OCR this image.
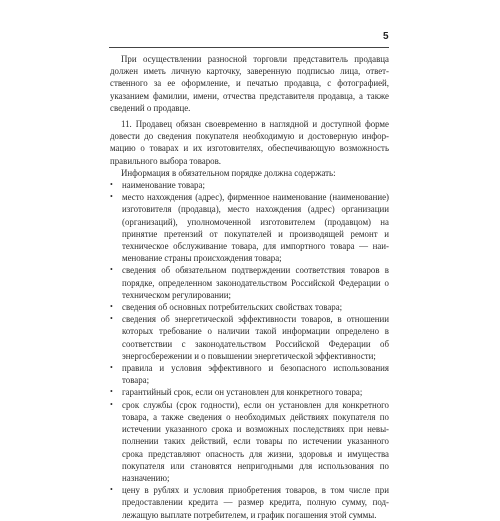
5

При осуществлении разносной торговли представитель продавца должен иметь личную карточку, заверенную подписью лица, ответственного за ее оформление, и печатью продавца, с фотографией, указанием фамилии, имени, отчества представителя продавца, а также сведений о продавце.

11. Продавец обязан своевременно в наглядной и доступной форме довести до сведения покупателя необходимую и достоверную информацию о товарах и их изготовителях, обеспечивающую возможность правильного выбора товаров.

Информация в обязательном порядке должна содержать:

•	наименование товара;
•	место нахождения (адрес), фирменное наименование (наименование) изготовителя (продавца), место нахождения (адрес) организации (организаций), уполномоченной изготовителем (продавцом) на принятие претензий от покупателей и производящей ремонт и техническое обслуживание товара, для импортного товара — наименование страны происхождения товара;
•	сведения об обязательном подтверждении соответствия товаров в порядке, определенном законодательством Российской Федерации о техническом регулировании;
•	сведения об основных потребительских свойствах товара;
•	сведения об энергетической эффективности товаров, в отношении которых требование о наличии такой информации определено в соответствии с законодательством Российской Федерации об энергосбережении и о повышении энергетической эффективности;
•	правила и условия эффективного и безопасного использования товара;
•	гарантийный срок, если он установлен для конкретного товара;
•	срок службы (срок годности), если он установлен для конкретного товара, а также сведения о необходимых действиях покупателя по истечении указанного срока и возможных последствиях при невыполнении таких действий, если товары по истечении указанного срока представляют опасность для жизни, здоровья и имущества покупателя или становятся непригодными для использования по назначению;
•	цену в рублях и условия приобретения товаров, в том числе при предоставлении кредита — размер кредита, полную сумму, подлежащую выплате потребителем, и график погашения этой суммы.
